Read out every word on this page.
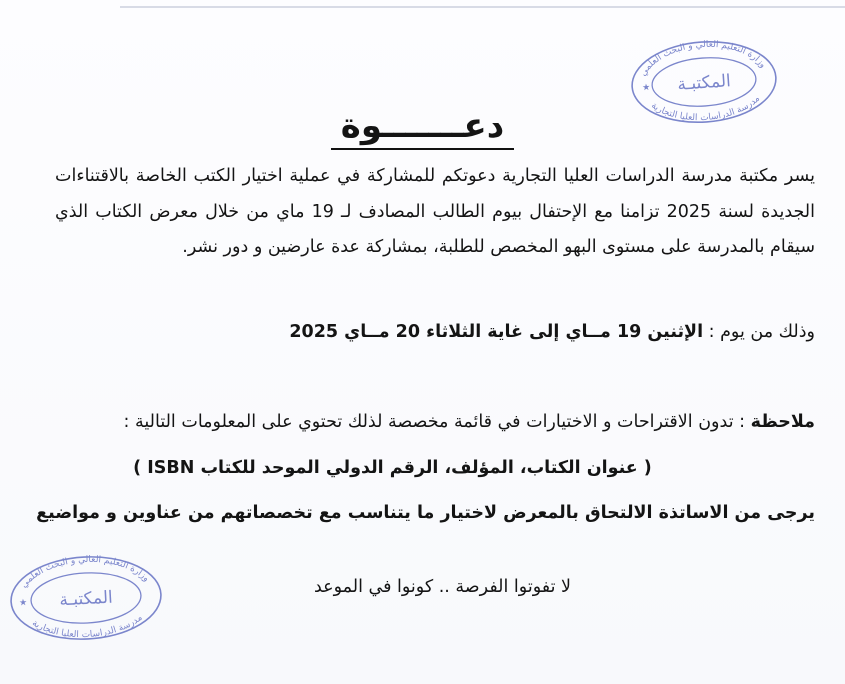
وزارة التعليم العالي و البحث العلمي
مدرسة الدراسات العليا التجارية
المكتبـة
★
دعـــــــوة
يسر مكتبة مدرسة الدراسات العليا التجارية دعوتكم للمشاركة في عملية اختيار الكتب الخاصة بالاقتناءات الجديدة لسنة 2025 تزامنا مع الإحتفال بيوم الطالب المصادف لـ 19 ماي من خلال معرض الكتاب الذي سيقام بالمدرسة على مستوى البهو المخصص للطلبة، بمشاركة عدة عارضين و دور نشر.
وذلك من يوم : الإثنين 19 مــاي إلى غاية الثلاثاء 20 مــاي 2025
ملاحظة : تدون الاقتراحات و الاختيارات في قائمة مخصصة لذلك تحتوي على المعلومات التالية :
( عنوان الكتاب، المؤلف، الرقم الدولي الموحد للكتاب ISBN )
يرجى من الاساتذة الالتحاق بالمعرض لاختيار ما يتناسب مع تخصصاتهم من عناوين و مواضيع
لا تفوتوا الفرصة .. كونوا في الموعد
وزارة التعليم العالي و البحث العلمي
مدرسة الدراسات العليا التجارية
المكتبـة
★
